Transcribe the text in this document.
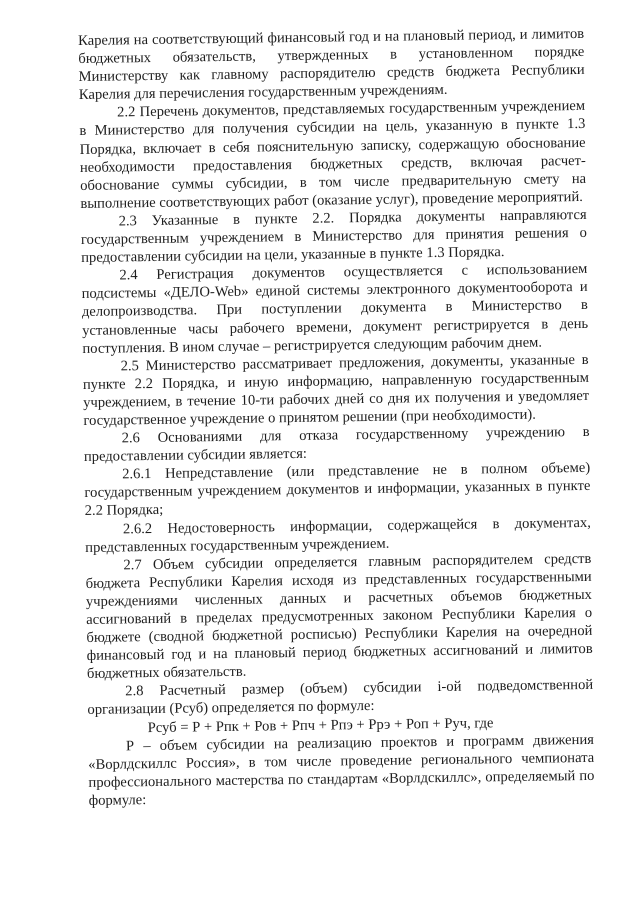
Карелия на соответствующий финансовый год и на плановый период, и лимитов бюджетных обязательств, утвержденных в установленном порядке Министерству как главному распорядителю средств бюджета Республики Карелия для перечисления государственным учреждениям.

2.2 Перечень документов, представляемых государственным учреждением в Министерство для получения субсидии на цель, указанную в пункте 1.3 Порядка, включает в себя пояснительную записку, содержащую обоснование необходимости предоставления бюджетных средств, включая расчет-обоснование суммы субсидии, в том числе предварительную смету на выполнение соответствующих работ (оказание услуг), проведение мероприятий.

2.3 Указанные в пункте 2.2. Порядка документы направляются государственным учреждением в Министерство для принятия решения о предоставлении субсидии на цели, указанные в пункте 1.3 Порядка.

2.4 Регистрация документов осуществляется с использованием подсистемы «ДЕЛО-Web» единой системы электронного документооборота и делопроизводства. При поступлении документа в Министерство в установленные часы рабочего времени, документ регистрируется в день поступления. В ином случае – регистрируется следующим рабочим днем.

2.5 Министерство рассматривает предложения, документы, указанные в пункте 2.2 Порядка, и иную информацию, направленную государственным учреждением, в течение 10-ти рабочих дней со дня их получения и уведомляет государственное учреждение о принятом решении (при необходимости).

2.6 Основаниями для отказа государственному учреждению в предоставлении субсидии является:

2.6.1 Непредставление (или представление не в полном объеме) государственным учреждением документов и информации, указанных в пункте 2.2 Порядка;

2.6.2 Недостоверность информации, содержащейся в документах, представленных государственным учреждением.

2.7 Объем субсидии определяется главным распорядителем средств бюджета Республики Карелия исходя из представленных государственными учреждениями численных данных и расчетных объемов бюджетных ассигнований в пределах предусмотренных законом Республики Карелия о бюджете (сводной бюджетной росписью) Республики Карелия на очередной финансовый год и на плановый период бюджетных ассигнований и лимитов бюджетных обязательств.

2.8 Расчетный размер (объем) субсидии i-ой подведомственной организации (Рсуб) определяется по формуле:

Рсуб = Р + Рпк + Ров + Рпч + Рпэ + Ррэ + Роп + Руч, где

Р – объем субсидии на реализацию проектов и программ движения «Ворлдскиллс Россия», в том числе проведение регионального чемпионата профессионального мастерства по стандартам «Ворлдскиллс», определяемый по формуле:
